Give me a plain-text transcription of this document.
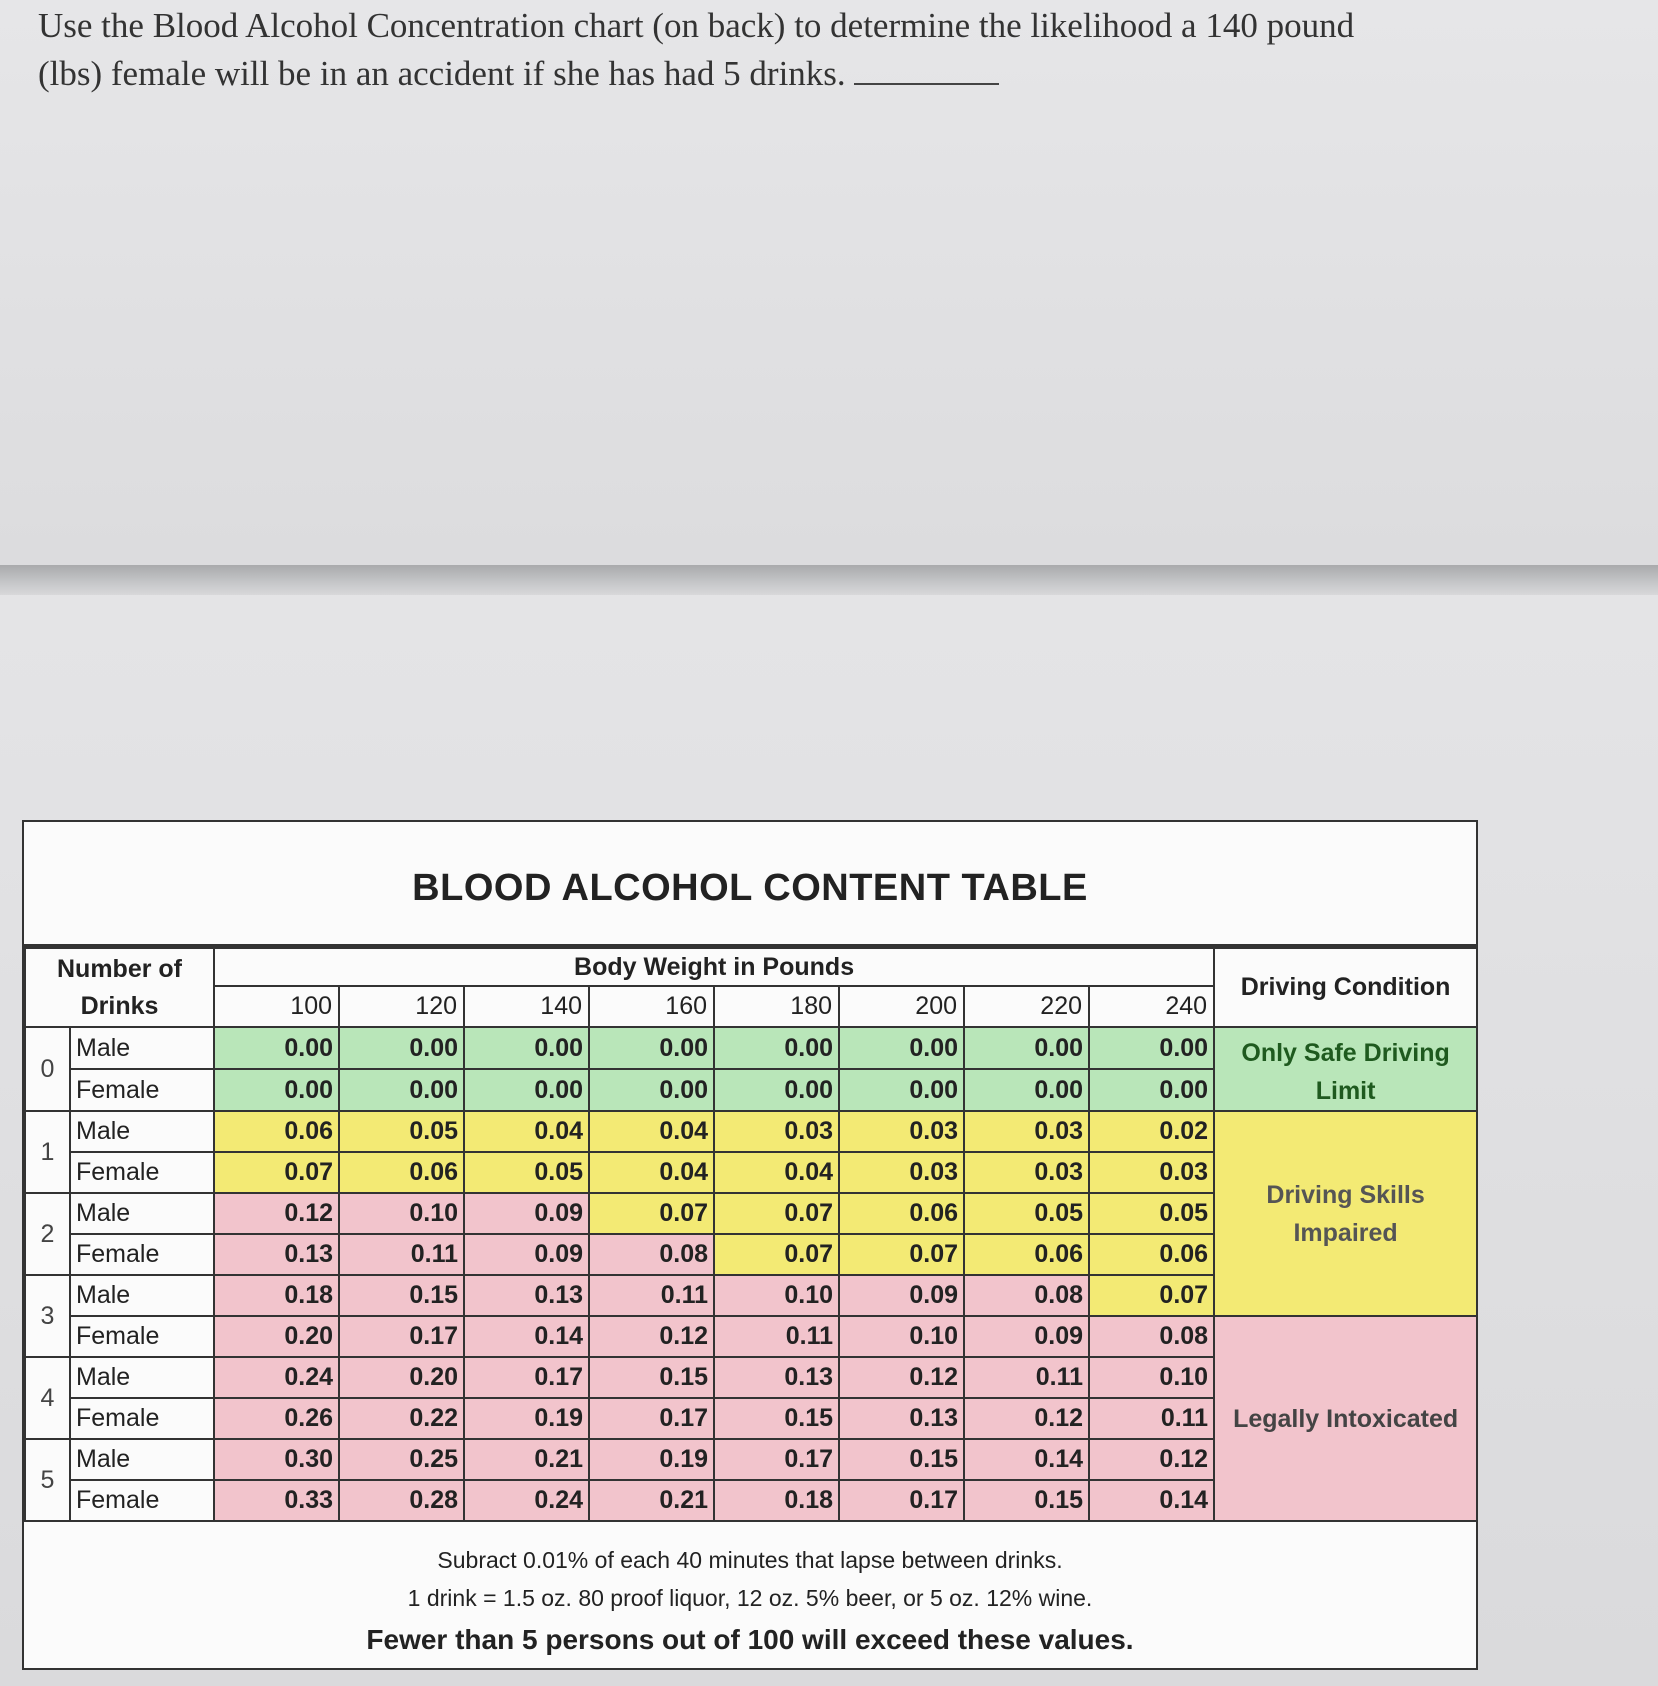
Use the Blood Alcohol Concentration chart (on back) to determine the likelihood a 140 pound (lbs) female will be in an accident if she has had 5 drinks.

BLOOD ALCOHOL CONTENT TABLE
Number of Drinks		Body Weight in Pounds								Driving Condition
		100	120	140	160	180	200	220	240	
0	Male	0.00	0.00	0.00	0.00	0.00	0.00	0.00	0.00	Only Safe Driving Limit
	Female	0.00	0.00	0.00	0.00	0.00	0.00	0.00	0.00	
1	Male	0.06	0.05	0.04	0.04	0.03	0.03	0.03	0.02	Driving Skills Impaired
	Female	0.07	0.06	0.05	0.04	0.04	0.03	0.03	0.03	
2	Male	0.12	0.10	0.09	0.07	0.07	0.06	0.05	0.05	
	Female	0.13	0.11	0.09	0.08	0.07	0.07	0.06	0.06	
3	Male	0.18	0.15	0.13	0.11	0.10	0.09	0.08	0.07	
	Female	0.20	0.17	0.14	0.12	0.11	0.10	0.09	0.08	Legally Intoxicated
4	Male	0.24	0.20	0.17	0.15	0.13	0.12	0.11	0.10	
	Female	0.26	0.22	0.19	0.17	0.15	0.13	0.12	0.11	
5	Male	0.30	0.25	0.21	0.19	0.17	0.15	0.14	0.12	
	Female	0.33	0.28	0.24	0.21	0.18	0.17	0.15	0.14	

Subract 0.01% of each 40 minutes that lapse between drinks.

1 drink = 1.5 oz. 80 proof liquor, 12 oz. 5% beer, or 5 oz. 12% wine.

Fewer than 5 persons out of 100 will exceed these values.
